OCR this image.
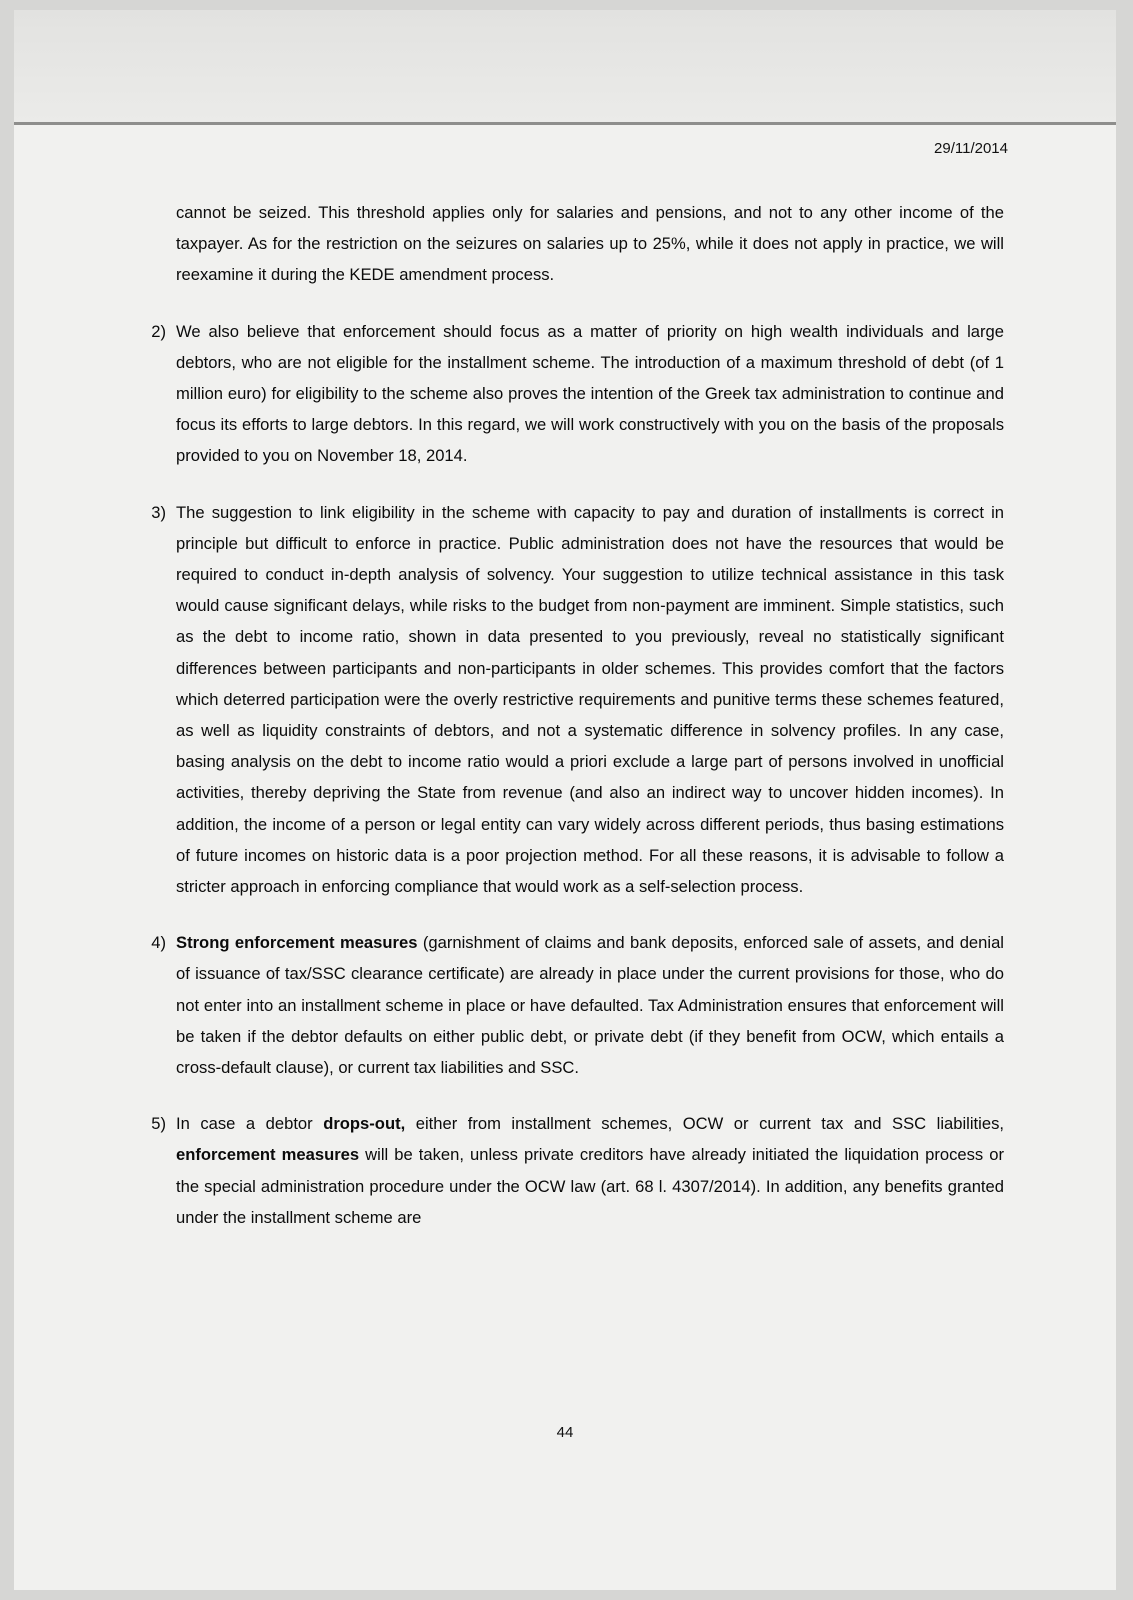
29/11/2014

cannot be seized. This threshold applies only for salaries and pensions, and not to any other income of the taxpayer. As for the restriction on the seizures on salaries up to 25%, while it does not apply in practice, we will reexamine it during the KEDE amendment process.

2) We also believe that enforcement should focus as a matter of priority on high wealth individuals and large debtors, who are not eligible for the installment scheme. The introduction of a maximum threshold of debt (of 1 million euro) for eligibility to the scheme also proves the intention of the Greek tax administration to continue and focus its efforts to large debtors. In this regard, we will work constructively with you on the basis of the proposals provided to you on November 18, 2014.
3) The suggestion to link eligibility in the scheme with capacity to pay and duration of installments is correct in principle but difficult to enforce in practice. Public administration does not have the resources that would be required to conduct in-depth analysis of solvency. Your suggestion to utilize technical assistance in this task would cause significant delays, while risks to the budget from non-payment are imminent. Simple statistics, such as the debt to income ratio, shown in data presented to you previously, reveal no statistically significant differences between participants and non-participants in older schemes. This provides comfort that the factors which deterred participation were the overly restrictive requirements and punitive terms these schemes featured, as well as liquidity constraints of debtors, and not a systematic difference in solvency profiles. In any case, basing analysis on the debt to income ratio would a priori exclude a large part of persons involved in unofficial activities, thereby depriving the State from revenue (and also an indirect way to uncover hidden incomes). In addition, the income of a person or legal entity can vary widely across different periods, thus basing estimations of future incomes on historic data is a poor projection method. For all these reasons, it is advisable to follow a stricter approach in enforcing compliance that would work as a self-selection process.
4) Strong enforcement measures (garnishment of claims and bank deposits, enforced sale of assets, and denial of issuance of tax/SSC clearance certificate) are already in place under the current provisions for those, who do not enter into an installment scheme in place or have defaulted. Tax Administration ensures that enforcement will be taken if the debtor defaults on either public debt, or private debt (if they benefit from OCW, which entails a cross-default clause), or current tax liabilities and SSC.
5) In case a debtor drops-out, either from installment schemes, OCW or current tax and SSC liabilities, enforcement measures will be taken, unless private creditors have already initiated the liquidation process or the special administration procedure under the OCW law (art. 68 l. 4307/2014). In addition, any benefits granted under the installment scheme are
44
